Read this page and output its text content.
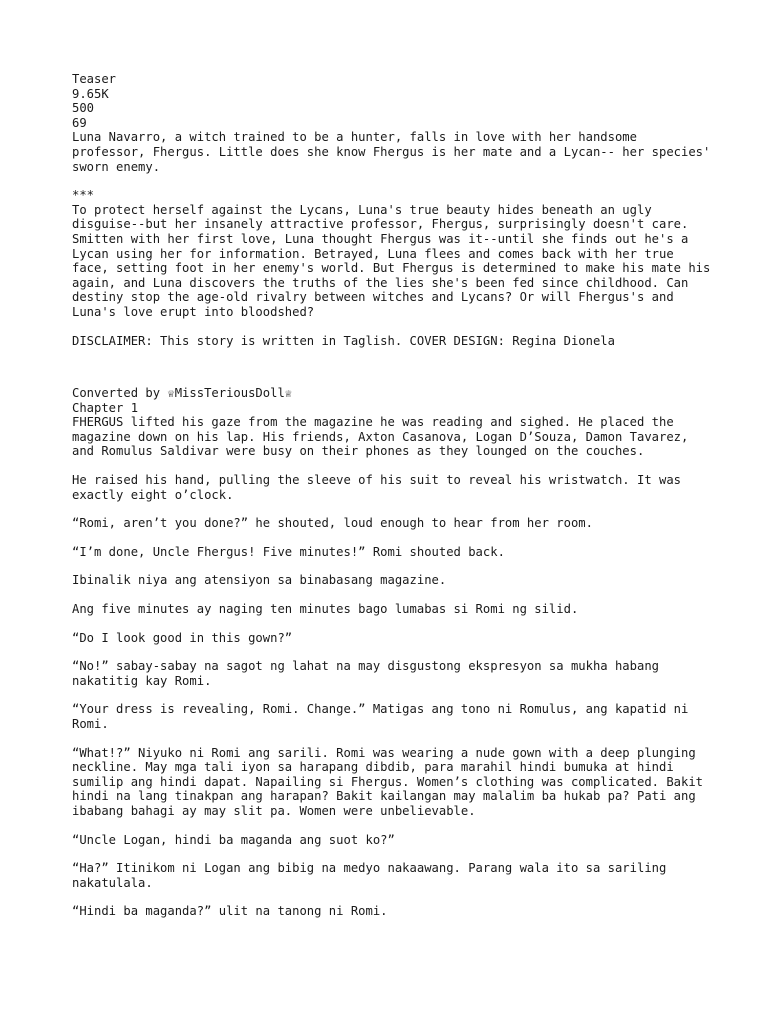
Teaser
9.65K
500
69

Luna Navarro, a witch trained to be a hunter, falls in love with her handsome professor, Fhergus. Little does she know Fhergus is her mate and a Lycan-- her species' sworn enemy.

***

To protect herself against the Lycans, Luna's true beauty hides beneath an ugly disguise--but her insanely attractive professor, Fhergus, surprisingly doesn't care. Smitten with her first love, Luna thought Fhergus was it--until she finds out he's a Lycan using her for information. Betrayed, Luna flees and comes back with her true face, setting foot in her enemy's world. But Fhergus is determined to make his mate his again, and Luna discovers the truths of the lies she's been fed since childhood. Can destiny stop the age-old rivalry between witches and Lycans? Or will Fhergus's and Luna's love erupt into bloodshed?

DISCLAIMER: This story is written in Taglish. COVER DESIGN: Regina Dionela

Converted by ♕MissTeriousDoll♕

Chapter 1

FHERGUS lifted his gaze from the magazine he was reading and sighed. He placed the magazine down on his lap. His friends, Axton Casanova, Logan D’Souza, Damon Tavarez, and Romulus Saldivar were busy on their phones as they lounged on the couches.

He raised his hand, pulling the sleeve of his suit to reveal his wristwatch. It was exactly eight o’clock.

“Romi, aren’t you done?” he shouted, loud enough to hear from her room.

“I’m done, Uncle Fhergus! Five minutes!” Romi shouted back.

Ibinalik niya ang atensiyon sa binabasang magazine.

Ang five minutes ay naging ten minutes bago lumabas si Romi ng silid.

“Do I look good in this gown?”

“No!” sabay-sabay na sagot ng lahat na may disgustong ekspresyon sa mukha habang nakatitig kay Romi.

“Your dress is revealing, Romi. Change.” Matigas ang tono ni Romulus, ang kapatid ni Romi.

“What!?” Niyuko ni Romi ang sarili. Romi was wearing a nude gown with a deep plunging neckline. May mga tali iyon sa harapang dibdib, para marahil hindi bumuka at hindi sumilip ang hindi dapat. Napailing si Fhergus. Women’s clothing was complicated. Bakit hindi na lang tinakpan ang harapan? Bakit kailangan may malalim ba hukab pa? Pati ang ibabang bahagi ay may slit pa. Women were unbelievable.

“Uncle Logan, hindi ba maganda ang suot ko?”

“Ha?” Itinikom ni Logan ang bibig na medyo nakaawang. Parang wala ito sa sariling nakatulala.

“Hindi ba maganda?” ulit na tanong ni Romi.
